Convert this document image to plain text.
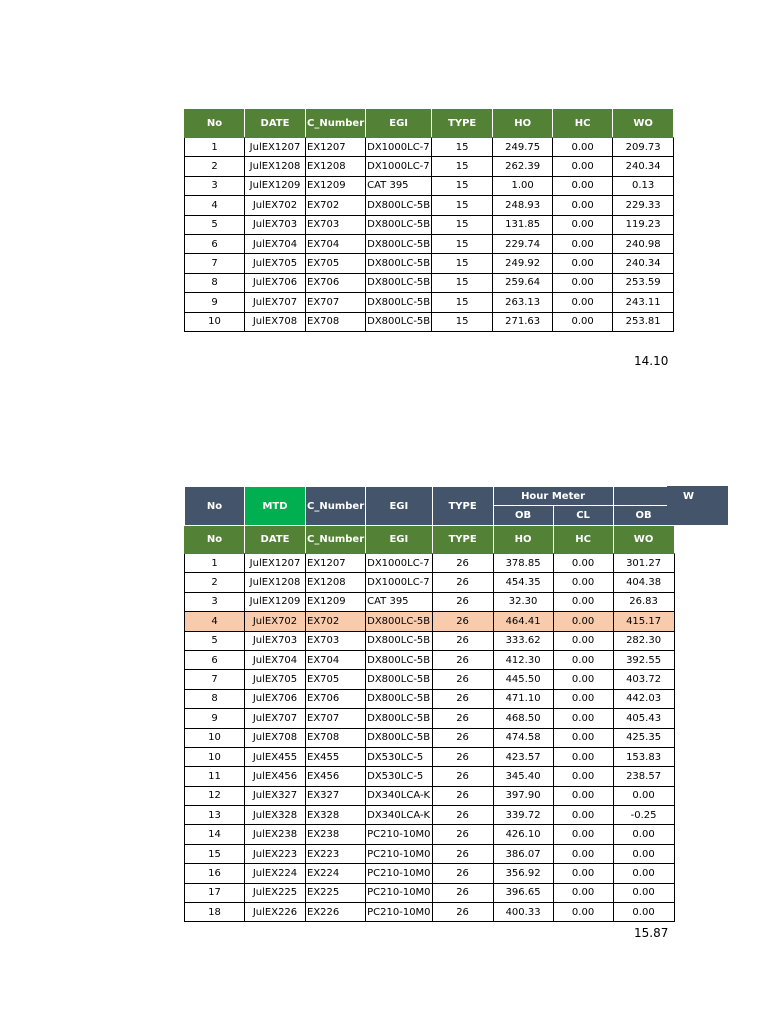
No	DATE	C_Number	EGI	TYPE	HO	HC	WO
1	JulEX1207	EX1207	DX1000LC-7	15	249.75	0.00	209.73
2	JulEX1208	EX1208	DX1000LC-7	15	262.39	0.00	240.34
3	JulEX1209	EX1209	CAT 395	15	1.00	0.00	0.13
4	JulEX702	EX702	DX800LC-5B	15	248.93	0.00	229.33
5	JulEX703	EX703	DX800LC-5B	15	131.85	0.00	119.23
6	JulEX704	EX704	DX800LC-5B	15	229.74	0.00	240.98
7	JulEX705	EX705	DX800LC-5B	15	249.92	0.00	240.34
8	JulEX706	EX706	DX800LC-5B	15	259.64	0.00	253.59
9	JulEX707	EX707	DX800LC-5B	15	263.13	0.00	243.11
10	JulEX708	EX708	DX800LC-5B	15	271.63	0.00	253.81
14.10
No	MTD	C_Number	EGI	TYPE	Hour Meter		
					OB	CL	OB
No	DATE	C_Number	EGI	TYPE	HO	HC	WO
1	JulEX1207	EX1207	DX1000LC-7	26	378.85	0.00	301.27
2	JulEX1208	EX1208	DX1000LC-7	26	454.35	0.00	404.38
3	JulEX1209	EX1209	CAT 395	26	32.30	0.00	26.83
4	JulEX702	EX702	DX800LC-5B	26	464.41	0.00	415.17
5	JulEX703	EX703	DX800LC-5B	26	333.62	0.00	282.30
6	JulEX704	EX704	DX800LC-5B	26	412.30	0.00	392.55
7	JulEX705	EX705	DX800LC-5B	26	445.50	0.00	403.72
8	JulEX706	EX706	DX800LC-5B	26	471.10	0.00	442.03
9	JulEX707	EX707	DX800LC-5B	26	468.50	0.00	405.43
10	JulEX708	EX708	DX800LC-5B	26	474.58	0.00	425.35
10	JulEX455	EX455	DX530LC-5	26	423.57	0.00	153.83
11	JulEX456	EX456	DX530LC-5	26	345.40	0.00	238.57
12	JulEX327	EX327	DX340LCA-K	26	397.90	0.00	0.00
13	JulEX328	EX328	DX340LCA-K	26	339.72	0.00	-0.25
14	JulEX238	EX238	PC210-10M0	26	426.10	0.00	0.00
15	JulEX223	EX223	PC210-10M0	26	386.07	0.00	0.00
16	JulEX224	EX224	PC210-10M0	26	356.92	0.00	0.00
17	JulEX225	EX225	PC210-10M0	26	396.65	0.00	0.00
18	JulEX226	EX226	PC210-10M0	26	400.33	0.00	0.00
W
15.87
